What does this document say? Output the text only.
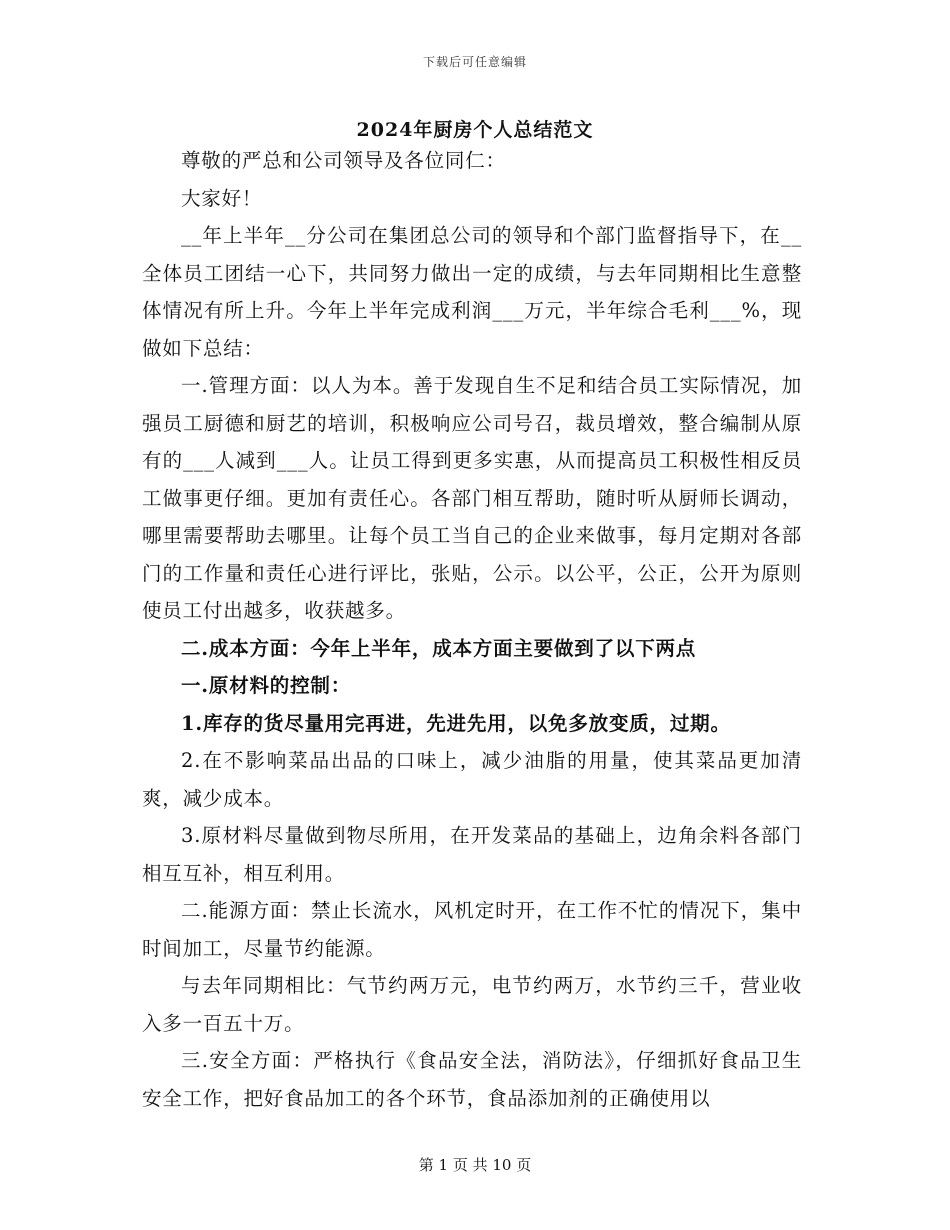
下载后可任意编辑
2024年厨房个人总结范文

尊敬的严总和公司领导及各位同仁：

大家好！

__年上半年__分公司在集团总公司的领导和个部门监督指导下，在__全体员工团结一心下，共同努力做出一定的成绩，与去年同期相比生意整体情况有所上升。今年上半年完成利润___万元，半年综合毛利___%，现做如下总结：

一.管理方面：以人为本。善于发现自生不足和结合员工实际情况，加强员工厨德和厨艺的培训，积极响应公司号召，裁员增效，整合编制从原有的___人减到___人。让员工得到更多实惠，从而提高员工积极性相反员工做事更仔细。更加有责任心。各部门相互帮助，随时听从厨师长调动，哪里需要帮助去哪里。让每个员工当自己的企业来做事，每月定期对各部门的工作量和责任心进行评比，张贴，公示。以公平，公正，公开为原则使员工付出越多，收获越多。

二.成本方面：今年上半年，成本方面主要做到了以下两点

一.原材料的控制：

1.库存的货尽量用完再进，先进先用，以免多放变质，过期。

2.在不影响菜品出品的口味上，减少油脂的用量，使其菜品更加清爽，减少成本。

3.原材料尽量做到物尽所用，在开发菜品的基础上，边角余料各部门相互互补，相互利用。

二.能源方面：禁止长流水，风机定时开，在工作不忙的情况下，集中时间加工，尽量节约能源。

与去年同期相比：气节约两万元，电节约两万，水节约三千，营业收入多一百五十万。

三.安全方面：严格执行《食品安全法，消防法》，仔细抓好食品卫生安全工作，把好食品加工的各个环节，食品添加剂的正确使用以

第 1 页 共 10 页
